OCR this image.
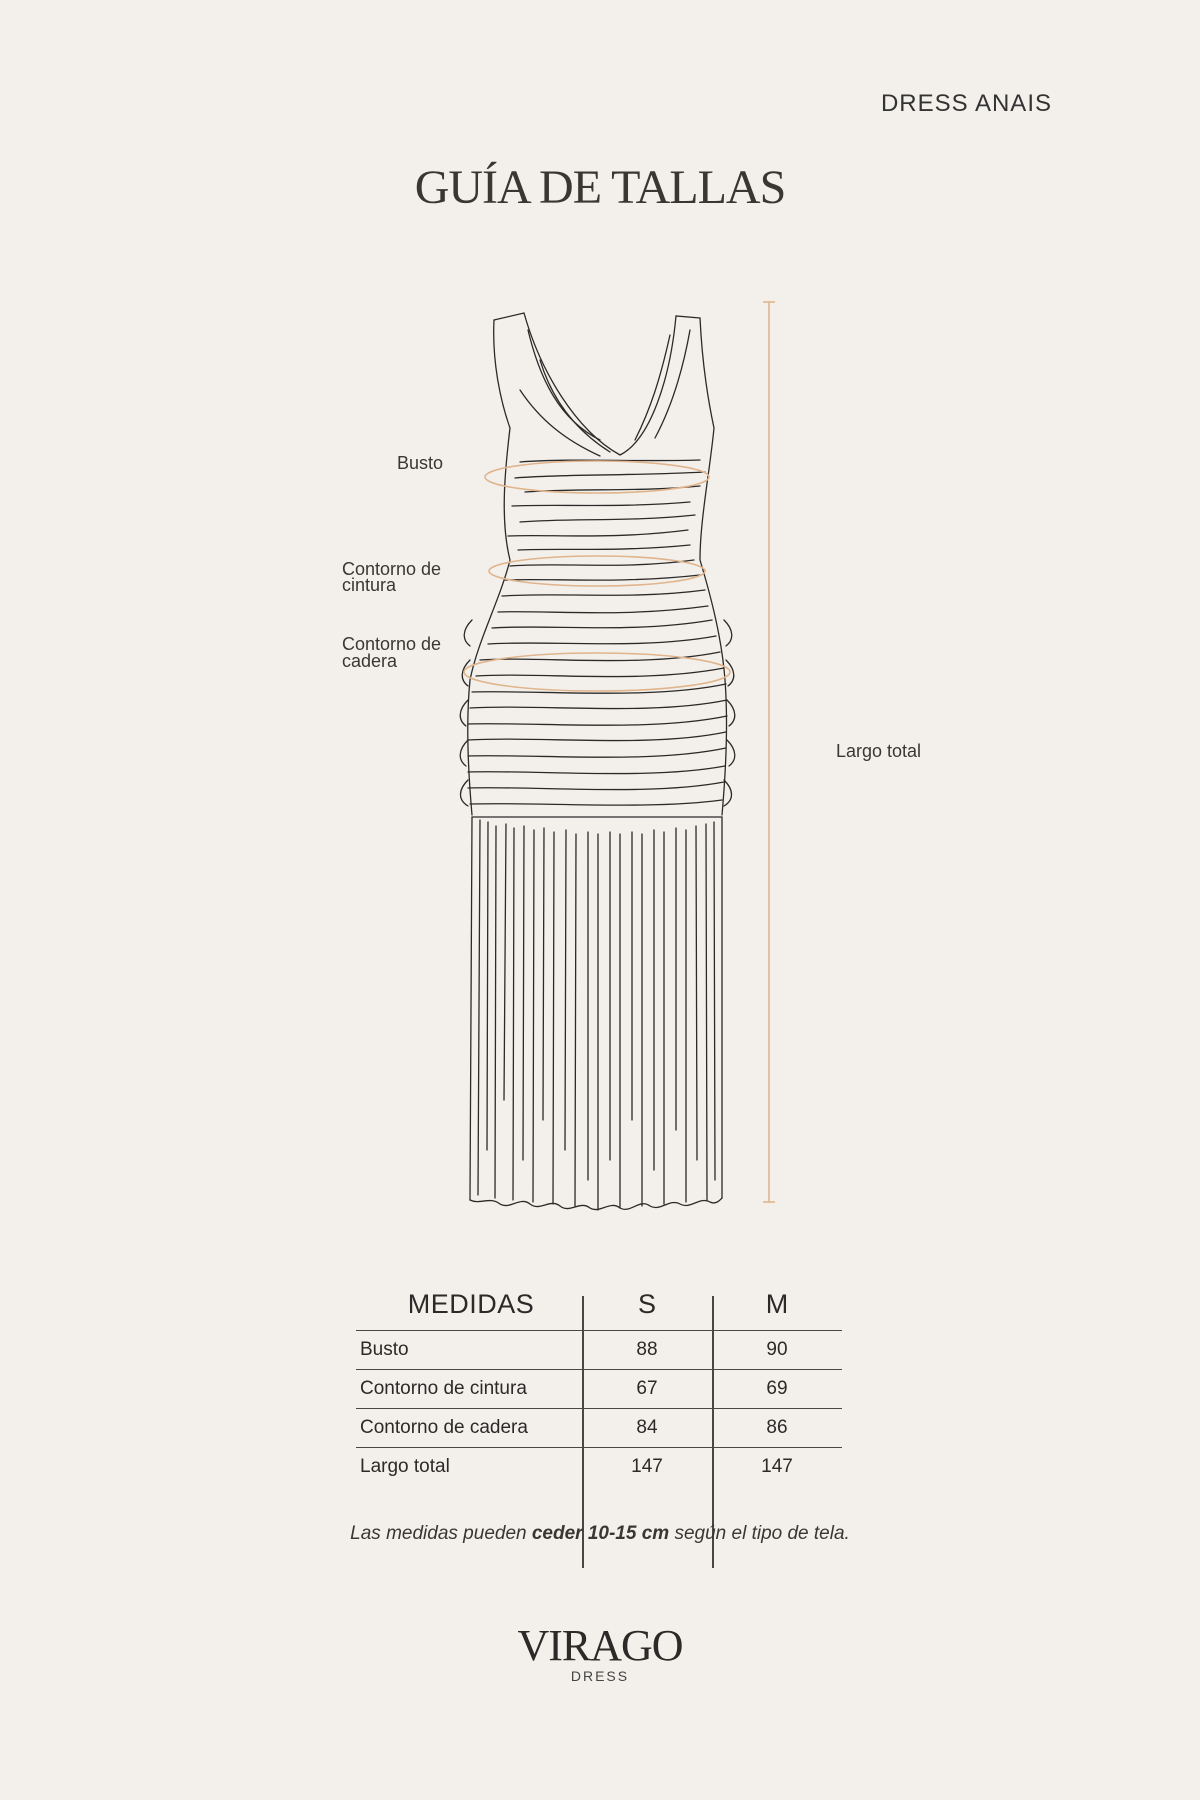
DRESS ANAIS
GUÍA DE TALLAS
Busto
Contorno de
cintura
Contorno de
cadera
Largo total
MEDIDAS	S	M
Busto	88	90
Contorno de cintura	67	69
Contorno de cadera	84	86
Largo total	147	147
Las medidas pueden ceder 10-15 cm según el tipo de tela.
VIRAGO
DRESS
